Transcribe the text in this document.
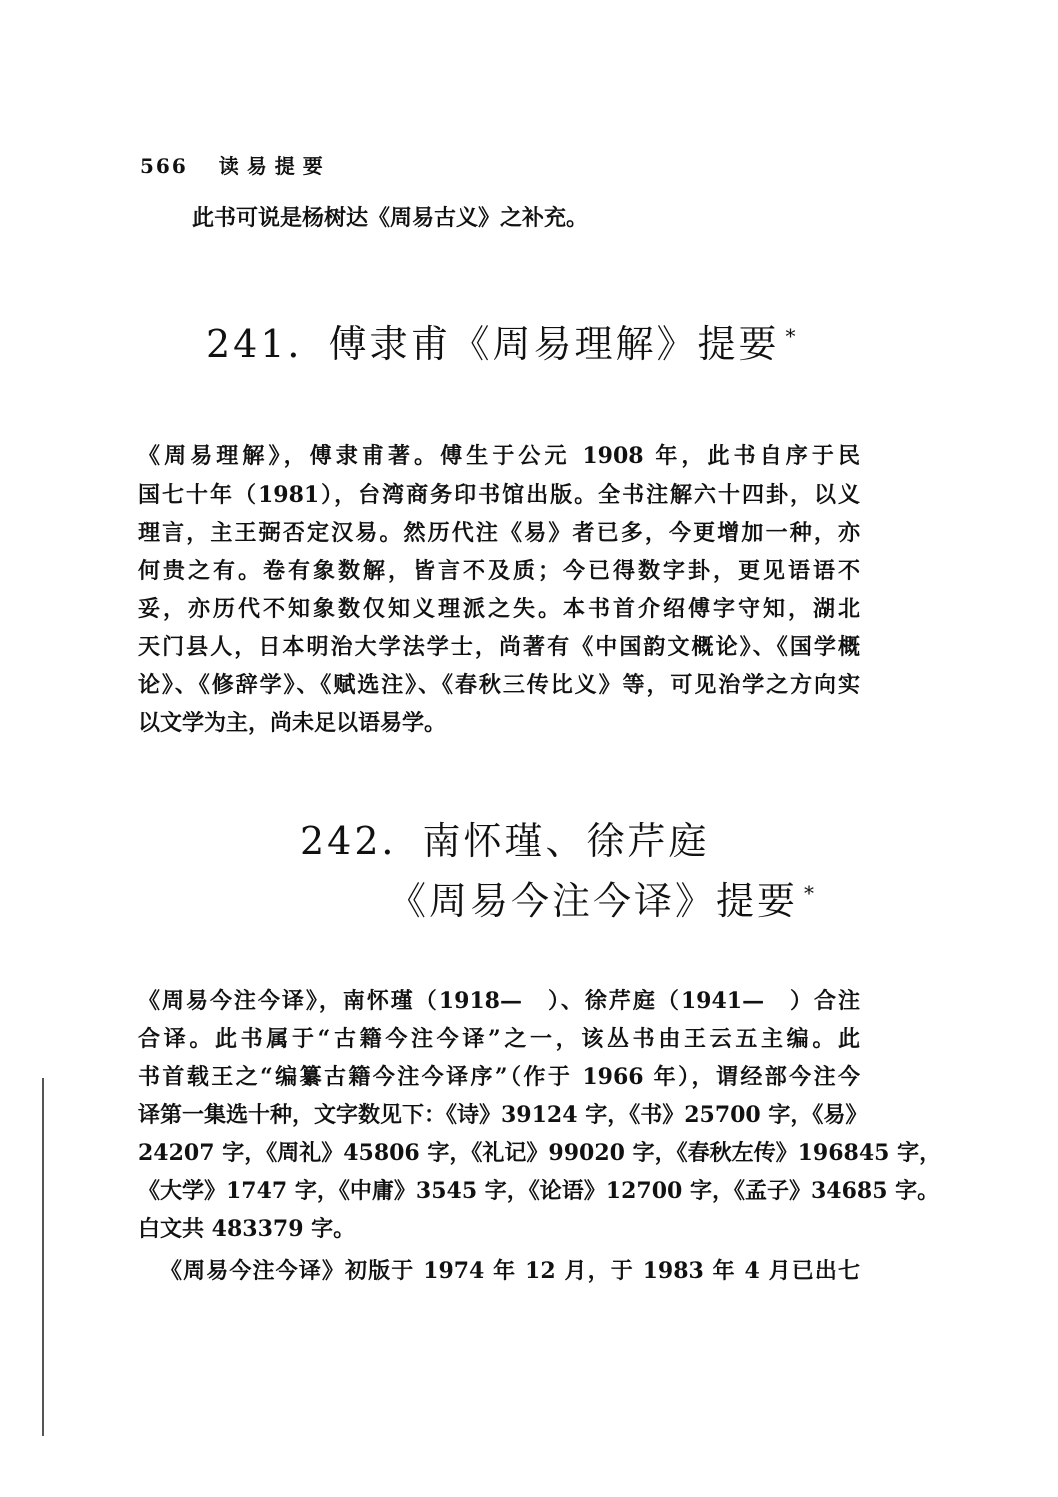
566 读易提要
此书可说是杨树达《周易古义》之补充。
241．傅隶甫《周易理解》提要 *
《周易理解》，傅隶甫著。傅生于公元 1908 年，此书自序于民
国七十年（1981），台湾商务印书馆出版。全书注解六十四卦，以义
理言，主王弼否定汉易。然历代注《易》者已多，今更增加一种，亦
何贵之有。卷有象数解，皆言不及质；今已得数字卦，更见语语不
妥，亦历代不知象数仅知义理派之失。本书首介绍傅字守知，湖北
天门县人，日本明治大学法学士，尚著有《中国韵文概论》、《国学概
论》、《修辞学》、《赋选注》、《春秋三传比义》等，可见治学之方向实
以文学为主，尚未足以语易学。
242．南怀瑾、徐芹庭
《周易今注今译》提要 *
《周易今注今译》，南怀瑾（1918—　）、徐芹庭（1941—　）合注
合译。此书属于“古籍今注今译”之一，该丛书由王云五主编。此
书首载王之“编纂古籍今注今译序”（作于 1966 年），谓经部今注今
译第一集选十种，文字数见下：《诗》39124 字，《书》25700 字，《易》
24207 字，《周礼》45806 字，《礼记》99020 字，《春秋左传》196845 字，
《大学》1747 字，《中庸》3545 字，《论语》12700 字，《孟子》34685 字。
白文共 483379 字。
《周易今注今译》初版于 1974 年 12 月，于 1983 年 4 月已出七
